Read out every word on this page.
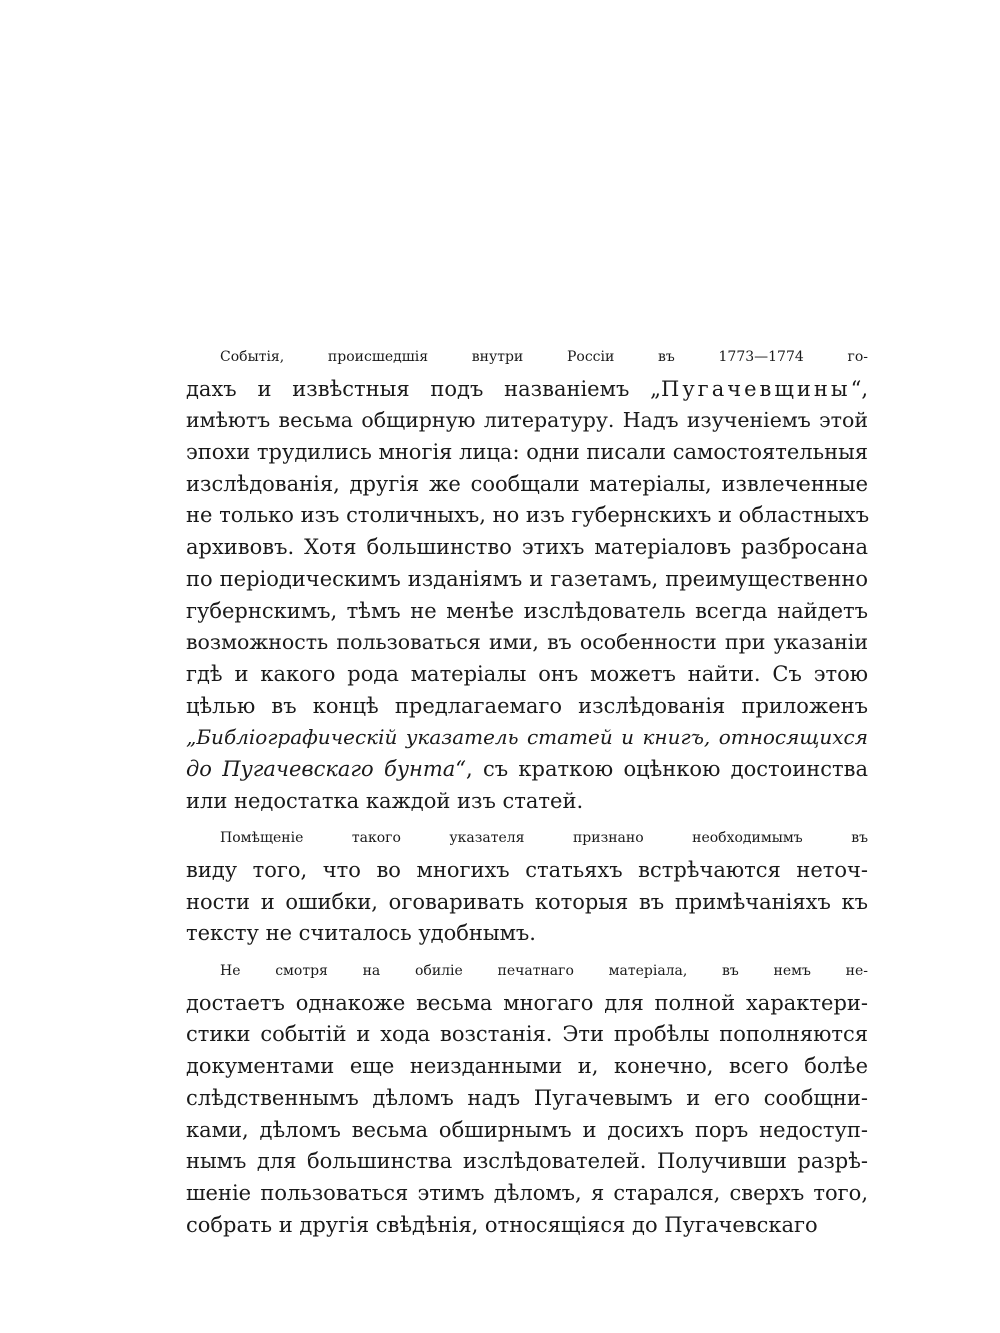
Событія, происшедшія внутри Россіи въ 1773—1774 го-
дахъ и извѣстныя подъ названіемъ „Пугачевщины“,
имѣютъ весьма общирную литературу. Надъ изученіемъ этой
эпохи трудились многія лица: одни писали самостоятельныя
изслѣдованія, другія же сообщали матеріалы, извлеченные
не только изъ столичныхъ, но изъ губернскихъ и областныхъ
архивовъ. Хотя большинство этихъ матеріаловъ разбросана
по періодическимъ изданіямъ и газетамъ, преимущественно
губернскимъ, тѣмъ не менѣе изслѣдователь всегда найдетъ
возможность пользоваться ими, въ особенности при указаніи
гдѣ и какого рода матеріалы онъ можетъ найти. Съ этою
цѣлью въ концѣ предлагаемаго изслѣдованія приложенъ
„Библіографическій указатель статей и книгъ, относящихся
до Пугачевскаго бунта“, съ краткою оцѣнкою достоинства
или недостатка каждой изъ статей.
Помѣщеніе такого указателя признано необходимымъ въ
виду того, что во многихъ статьяхъ встрѣчаются неточ-
ности и ошибки, оговаривать которыя въ примѣчаніяхъ къ
тексту не считалось удобнымъ.
Не смотря на обиліе печатнаго матеріала, въ немъ не-
достаетъ однакоже весьма многаго для полной характери-
стики событій и хода возстанія. Эти пробѣлы пополняются
документами еще неизданными и, конечно, всего болѣе
слѣдственнымъ дѣломъ надъ Пугачевымъ и его сообщни-
ками, дѣломъ весьма обширнымъ и досихъ поръ недоступ-
нымъ для большинства изслѣдователей. Получивши разрѣ-
шеніе пользоваться этимъ дѣломъ, я старался, сверхъ того,
собрать и другія свѣдѣнія, относящіяся до Пугачевскаго
